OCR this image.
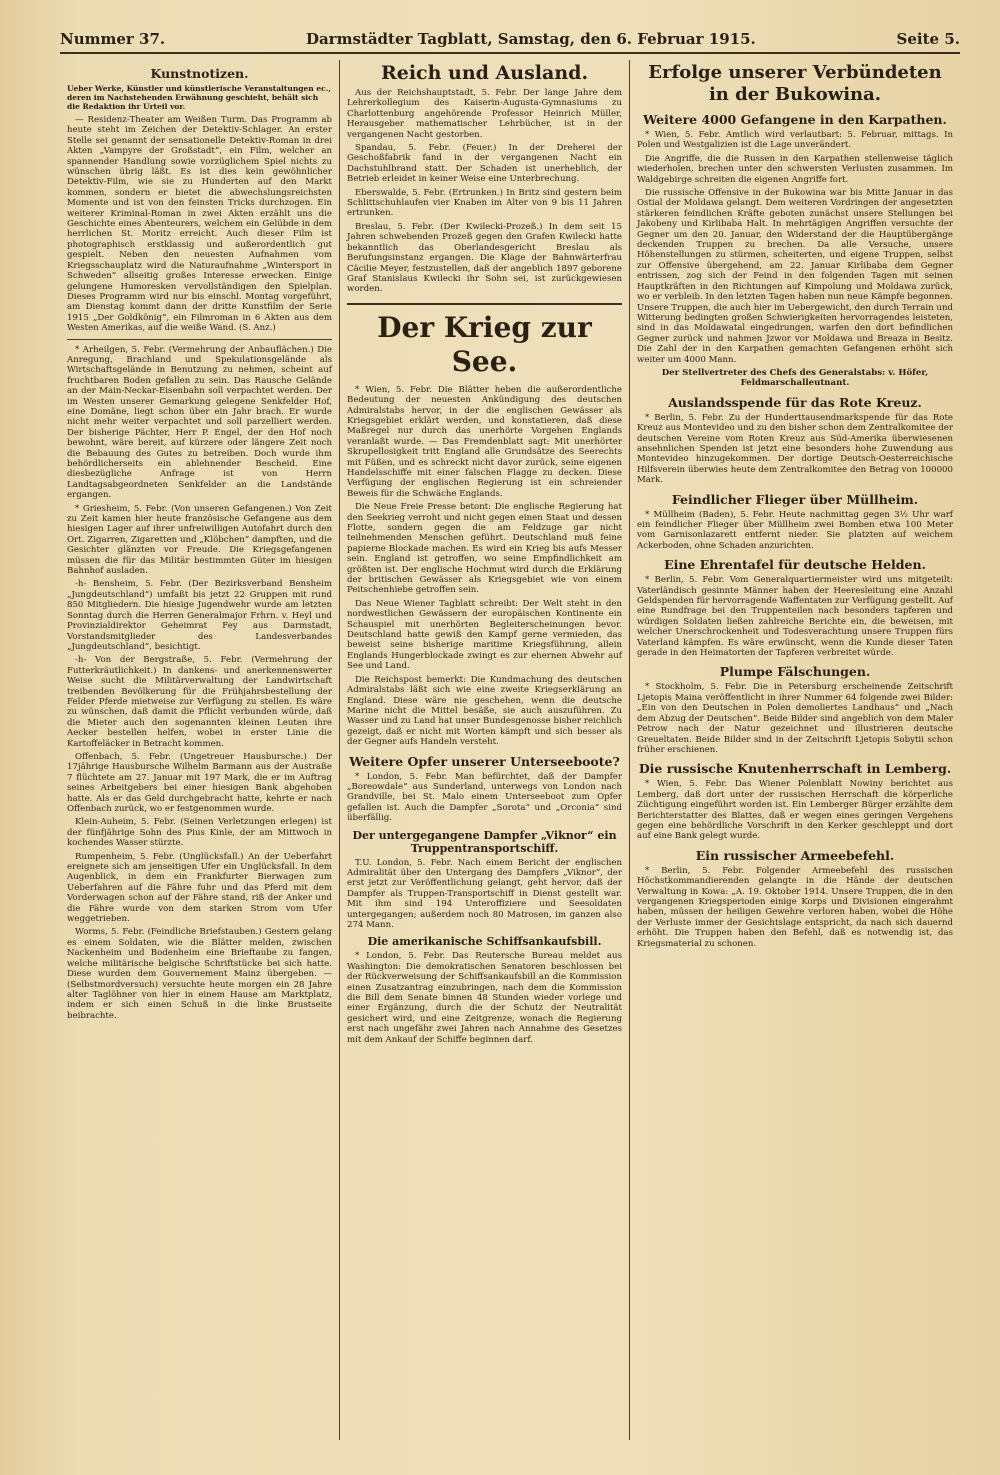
Nummer 37.	Darmstädter Tagblatt, Samstag, den 6. Februar 1915.	Seite 5.
Kunstnotizen.
Ueber Werke, Künstler und künstlerische Veranstaltungen ec., deren im Nachstehenden Erwähnung geschieht, behält sich die Redaktion ihr Urteil vor.

— Residenz-Theater am Weißen Turm. Das Programm ab heute steht im Zeichen der Detektiv-Schlager. An erster Stelle sei genannt der sensationelle Detektiv-Roman in drei Akten „Vampyre der Großstadt“, ein Film, welcher an spannender Handlung sowie vorzüglichem Spiel nichts zu wünschen übrig läßt. Es ist dies kein gewöhnlicher Detektiv-Film, wie sie zu Hunderten auf den Markt kommen, sondern er bietet die abwechslungsreichsten Momente und ist von den feinsten Tricks durchzogen. Ein weiterer Kriminal-Roman in zwei Akten erzählt uns die Geschichte eines Abenteurers, welchem ein Gelübde in dem herrlichen St. Moritz erreicht. Auch dieser Film ist photographisch erstklassig und außerordentlich gut gespielt. Neben den neuesten Aufnahmen vom Kriegsschauplatz wird die Naturaufnahme „Wintersport in Schweden“ allseitig großes Interesse erwecken. Einige gelungene Humoresken vervollständigen den Spielplan. Dieses Programm wird nur bis einschl. Montag vorgeführt, am Dienstag kommt dann der dritte Kunstfilm der Serie 1915 „Der Goldkönig“, ein Filmroman in 6 Akten aus dem Westen Amerikas, auf die weiße Wand. (S. Anz.)

* Arheilgen, 5. Febr. (Vermehrung der Anbauflächen.) Die Anregung, Brachland und Spekulationsgelände als Wirtschaftsgelände in Benutzung zu nehmen, scheint auf fruchtbaren Boden gefallen zu sein. Das Rausche Gelände an der Main-Neckar-Eisenbahn soll verpachtet werden. Der im Westen unserer Gemarkung gelegene Senkfelder Hof, eine Domäne, liegt schon über ein Jahr brach. Er wurde nicht mehr weiter verpachtet und soll parzelliert werden. Der bisherige Pächter, Herr P. Engel, der den Hof noch bewohnt, wäre bereit, auf kürzere oder längere Zeit noch die Bebauung des Gutes zu betreiben. Doch wurde ihm behördlicherseits ein ablehnender Bescheid. Eine diesbezügliche Anfrage ist von Herrn Landtagsabgeordneten Senkfelder an die Landstände ergangen.

* Griesheim, 5. Febr. (Von unseren Gefangenen.) Von Zeit zu Zeit kamen hier heute französische Gefangene aus dem hiesigen Lager auf ihrer unfreiwilligen Autofahrt durch den Ort. Zigarren, Zigaretten und „Klöbchen“ dampften, und die Gesichter glänzten vor Freude. Die Kriegsgefangenen müssen die für das Militär bestimmten Güter im hiesigen Bahnhof ausladen.

-h- Bensheim, 5. Febr. (Der Bezirksverband Bensheim „Jungdeutschland“) umfaßt bis jetzt 22 Gruppen mit rund 850 Mitgliedern. Die hiesige Jugendwehr wurde am letzten Sonntag durch die Herren Generalmajor Frhrn. v. Heyl und Provinzialdirektor Geheimrat Fey aus Darmstadt, Vorstandsmitglieder des Landesverbandes „Jungdeutschland“, besichtigt.

-h- Von der Bergstraße, 5. Febr. (Vermehrung der Futterkräutlichkeit.) In dankens- und anerkennenswerter Weise sucht die Militärverwaltung der Landwirtschaft treibenden Bevölkerung für die Frühjahrsbestellung der Felder Pferde mietweise zur Verfügung zu stellen. Es wäre zu wünschen, daß damit die Pflicht verbunden würde, daß die Mieter auch den sogenannten kleinen Leuten ihre Aecker bestellen helfen, wobei in erster Linie die Kartoffeläcker in Betracht kommen.

Offenbach, 5. Febr. (Ungetreuer Hausbursche.) Der 17jährige Hausbursche Wilhelm Barmann aus der Austraße 7 flüchtete am 27. Januar mit 197 Mark, die er im Auftrag seines Arbeitgebers bei einer hiesigen Bank abgehoben hatte. Als er das Geld durchgebracht hatte, kehrte er nach Offenbach zurück, wo er festgenommen wurde.

Klein-Auheim, 5. Febr. (Seinen Verletzungen erlegen) ist der fünfjährige Sohn des Pius Kinle, der am Mittwoch in kochendes Wasser stürzte.

Rumpenheim, 5. Febr. (Unglücksfall.) An der Ueberfahrt ereignete sich am jenseitigen Ufer ein Unglücksfall. In dem Augenblick, in dem ein Frankfurter Bierwagen zum Ueberfahren auf die Fähre fuhr und das Pferd mit dem Vorderwagen schon auf der Fähre stand, riß der Anker und die Fähre wurde von dem starken Strom vom Ufer weggetrieben.

Worms, 5. Febr. (Feindliche Briefstauben.) Gestern gelang es einem Soldaten, wie die Blätter melden, zwischen Nackenheim und Bodenheim eine Brieftaube zu fangen, welche militärische belgische Schriftstücke bei sich hatte. Diese wurden dem Gouvernement Mainz übergeben. — (Selbstmordversuch) versuchte heute morgen ein 28 Jahre alter Taglöhner von hier in einem Hause am Marktplatz, indem er sich einen Schuß in die linke Brustseite beibrachte.

Reich und Ausland.

Aus der Reichshauptstadt, 5. Febr. Der lange Jahre dem Lehrerkollegium des Kaiserin-Augusta-Gymnasiums zu Charlottenburg angehörende Professor Heinrich Müller, Herausgeber mathematischer Lehrbücher, ist in der vergangenen Nacht gestorben.

Spandau, 5. Febr. (Feuer.) In der Dreherei der Geschoßfabrik fand in der vergangenen Nacht ein Dachstuhlbrand statt. Der Schaden ist unerheblich, der Betrieb erleidet in keiner Weise eine Unterbrechung.

Eberswalde, 5. Febr. (Ertrunken.) In Britz sind gestern beim Schlittschuhlaufen vier Knaben im Alter von 9 bis 11 Jahren ertrunken.

Breslau, 5. Febr. (Der Kwilecki-Prozeß.) In dem seit 15 Jahren schwebenden Prozeß gegen den Grafen Kwilecki hatte bekanntlich das Oberlandesgericht Breslau als Berufungsinstanz ergangen. Die Klage der Bahnwärterfrau Cäcilie Meyer, festzustellen, daß der angeblich 1897 geborene Graf Stanislaus Kwilecki ihr Sohn sei, ist zurückgewiesen worden.

Der Krieg zur See.

* Wien, 5. Febr. Die Blätter heben die außerordentliche Bedeutung der neuesten Ankündigung des deutschen Admiralstabs hervor, in der die englischen Gewässer als Kriegsgebiet erklärt werden, und konstatieren, daß diese Maßregel nur durch das unerhörte Vorgehen Englands veranlaßt wurde. — Das Fremdenblatt sagt: Mit unerhörter Skrupellosigkeit tritt England alle Grundsätze des Seerechts mit Füßen, und es schreckt nicht davor zurück, seine eigenen Handelsschiffe mit einer falschen Flagge zu decken. Diese Verfügung der englischen Regierung ist ein schreiender Beweis für die Schwäche Englands.

Die Neue Freie Presse betont: Die englische Regierung hat den Seekrieg verroht und nicht gegen einen Staat und dessen Flotte, sondern gegen die am Feldzuge gar nicht teilnehmenden Menschen geführt. Deutschland muß feine papierne Blockade machen. Es wird ein Krieg bis aufs Messer sein. England ist getroffen, wo seine Empfindlichkeit am größten ist. Der englische Hochmut wird durch die Erklärung der britischen Gewässer als Kriegsgebiet wie von einem Peitschenhiebe getroffen sein.

Das Neue Wiener Tagblatt schreibt: Der Welt steht in den nordwestlichen Gewässern der europäischen Kontinente ein Schauspiel mit unerhörten Begleiterscheinungen bevor. Deutschland hatte gewiß den Kampf gerne vermieden, das beweist seine bisherige maritime Kriegsführung, allein Englands Hungerblockade zwingt es zur ehernen Abwehr auf See und Land.

Die Reichspost bemerkt: Die Kundmachung des deutschen Admiralstabs läßt sich wie eine zweite Kriegserklärung an England. Diese wäre nie geschehen, wenn die deutsche Marine nicht die Mittel besäße, sie auch auszuführen. Zu Wasser und zu Land hat unser Bundesgenosse bisher reichlich gezeigt, daß er nicht mit Worten kämpft und sich besser als der Gegner aufs Handeln versteht.

Weitere Opfer unserer Unterseeboote?

* London, 5. Febr. Man befürchtet, daß der Dampfer „Boreowdale“ aus Sunderland, unterwegs von London nach Grandville, bei St. Malo einem Unterseeboot zum Opfer gefallen ist. Auch die Dampfer „Sorota“ und „Orconia“ sind überfällig.

Der untergegangene Dampfer „Viknor“ ein Truppentransportschiff.

T.U. London, 5. Febr. Nach einem Bericht der englischen Admiralität über den Untergang des Dampfers „Viknor“, der erst jetzt zur Veröffentlichung gelangt, geht hervor, daß der Dampfer als Truppen-Transportschiff in Dienst gestellt war. Mit ihm sind 194 Unteroffiziere und Seesoldaten untergegangen; außerdem noch 80 Matrosen, im ganzen also 274 Mann.

Die amerikanische Schiffsankaufsbill.

* London, 5. Febr. Das Reutersche Bureau meldet aus Washington: Die demokratischen Senatoren beschlossen bei der Rückverweisung der Schiffsankaufsbill an die Kommission einen Zusatzantrag einzubringen, nach dem die Kommission die Bill dem Senate binnen 48 Stunden wieder vorlege und einer Ergänzung, durch die der Schutz der Neutralität gesichert wird, und eine Zeitgrenze, wonach die Regierung erst nach ungefähr zwei Jahren nach Annahme des Gesetzes mit dem Ankauf der Schiffe beginnen darf.

Erfolge unserer Verbündeten in der Bukowina.
Weitere 4000 Gefangene in den Karpathen.

* Wien, 5. Febr. Amtlich wird verlautbart: 5. Februar, mittags. In Polen und Westgalizien ist die Lage unverändert.

Die Angriffe, die die Russen in den Karpathen stellenweise täglich wiederholen, brechen unter den schwersten Verlusten zusammen. Im Waldgebirge schreiten die eigenen Angriffe fort.

Die russische Offensive in der Bukowina war bis Mitte Januar in das Ostial der Moldawa gelangt. Dem weiteren Vordringen der angesetzten stärkeren feindlichen Kräfte geboten zunächst unsere Stellungen bei Jakobeny und Kirlibaba Halt. In mehrtägigen Angriffen versuchte der Gegner um den 20. Januar, den Widerstand der die Hauptübergänge deckenden Truppen zu brechen. Da alle Versuche, unsere Höhenstellungen zu stürmen, scheiterten, und eigene Truppen, selbst zur Offensive übergehend, am 22. Januar Kirlibaba dem Gegner entrissen, zog sich der Feind in den folgenden Tagen mit seinen Hauptkräften in den Richtungen auf Kimpolung und Moldawa zurück, wo er verbleib. In den letzten Tagen haben nun neue Kämpfe begonnen. Unsere Truppen, die auch hier im Uebergewicht, den durch Terrain und Witterung bedingten großen Schwierigkeiten hervorragendes leisteten, sind in das Moldawatal eingedrungen, warfen den dort befindlichen Gegner zurück und nahmen Jzwor vor Moldawa und Breaza in Besitz. Die Zahl der in den Karpathen gemachten Gefangenen erhöht sich weiter um 4000 Mann.

Der Stellvertreter des Chefs des Generalstabs: v. Höfer, Feldmarschalleutnant.

Auslandsspende für das Rote Kreuz.

* Berlin, 5. Febr. Zu der Hunderttausendmarkspende für das Rote Kreuz aus Montevideo und zu den bisher schon dem Zentralkomitee der deutschen Vereine vom Roten Kreuz aus Süd-Amerika überwiesenen ansehnlichen Spenden ist jetzt eine besonders hohe Zuwendung aus Montevideo hinzugekommen. Der dortige Deutsch-Oesterreichische Hilfsverein überwies heute dem Zentralkomitee den Betrag von 100000 Mark.

Feindlicher Flieger über Müllheim.

* Müllheim (Baden), 5. Febr. Heute nachmittag gegen 3½ Uhr warf ein feindlicher Flieger über Müllheim zwei Bomben etwa 100 Meter vom Garnisonlazarett entfernt nieder. Sie platzten auf weichem Ackerboden, ohne Schaden anzurichten.

Eine Ehrentafel für deutsche Helden.

* Berlin, 5. Febr. Vom Generalquartiermeister wird uns mitgeteilt: Vaterländisch gesinnte Männer haben der Heeresleitung eine Anzahl Geldspenden für hervorragende Waffentaten zur Verfügung gestellt. Auf eine Rundfrage bei den Truppenteilen nach besonders tapferen und würdigen Soldaten ließen zahlreiche Berichte ein, die beweisen, mit welcher Unerschrockenheit und Todesverachtung unsere Truppen fürs Vaterland kämpfen. Es wäre erwünscht, wenn die Kunde dieser Taten gerade in den Heimatorten der Tapferen verbreitet würde.

Plumpe Fälschungen.

* Stockholm, 5. Febr. Die in Petersburg erscheinende Zeitschrift Ljetopis Maina veröffentlicht in ihrer Nummer 64 folgende zwei Bilder: „Ein von den Deutschen in Polen demoliertes Landhaus“ und „Nach dem Abzug der Deutschen“. Beide Bilder sind angeblich von dem Maler Petrow nach der Natur gezeichnet und illustrieren deutsche Greueltaten. Beide Bilder sind in der Zeitschrift Ljetopis Sobytii schon früher erschienen.

Die russische Knutenherrschaft in Lemberg.

* Wien, 5. Febr. Das Wiener Polenblatt Nowiny berichtet aus Lemberg, daß dort unter der russischen Herrschaft die körperliche Züchtigung eingeführt worden ist. Ein Lemberger Bürger erzählte dem Berichterstatter des Blattes, daß er wegen eines geringen Vergehens gegen eine behördliche Vorschrift in den Kerker geschleppt und dort auf eine Bank gelegt wurde.

Ein russischer Armeebefehl.

* Berlin, 5. Febr. Folgender Armeebefehl des russischen Höchstkommandierenden gelangte in die Hände der deutschen Verwaltung in Kowa: „A. 19. Oktober 1914. Unsere Truppen, die in den vergangenen Kriegsperioden einige Korps und Divisionen eingerahmt haben, müssen der heiligen Gewehre verloren haben, wobei die Höhe der Verluste immer der Gesichtslage entspricht, da nach sich dauernd erhöht. Die Truppen haben den Befehl, daß es notwendig ist, das Kriegsmaterial zu schonen.
